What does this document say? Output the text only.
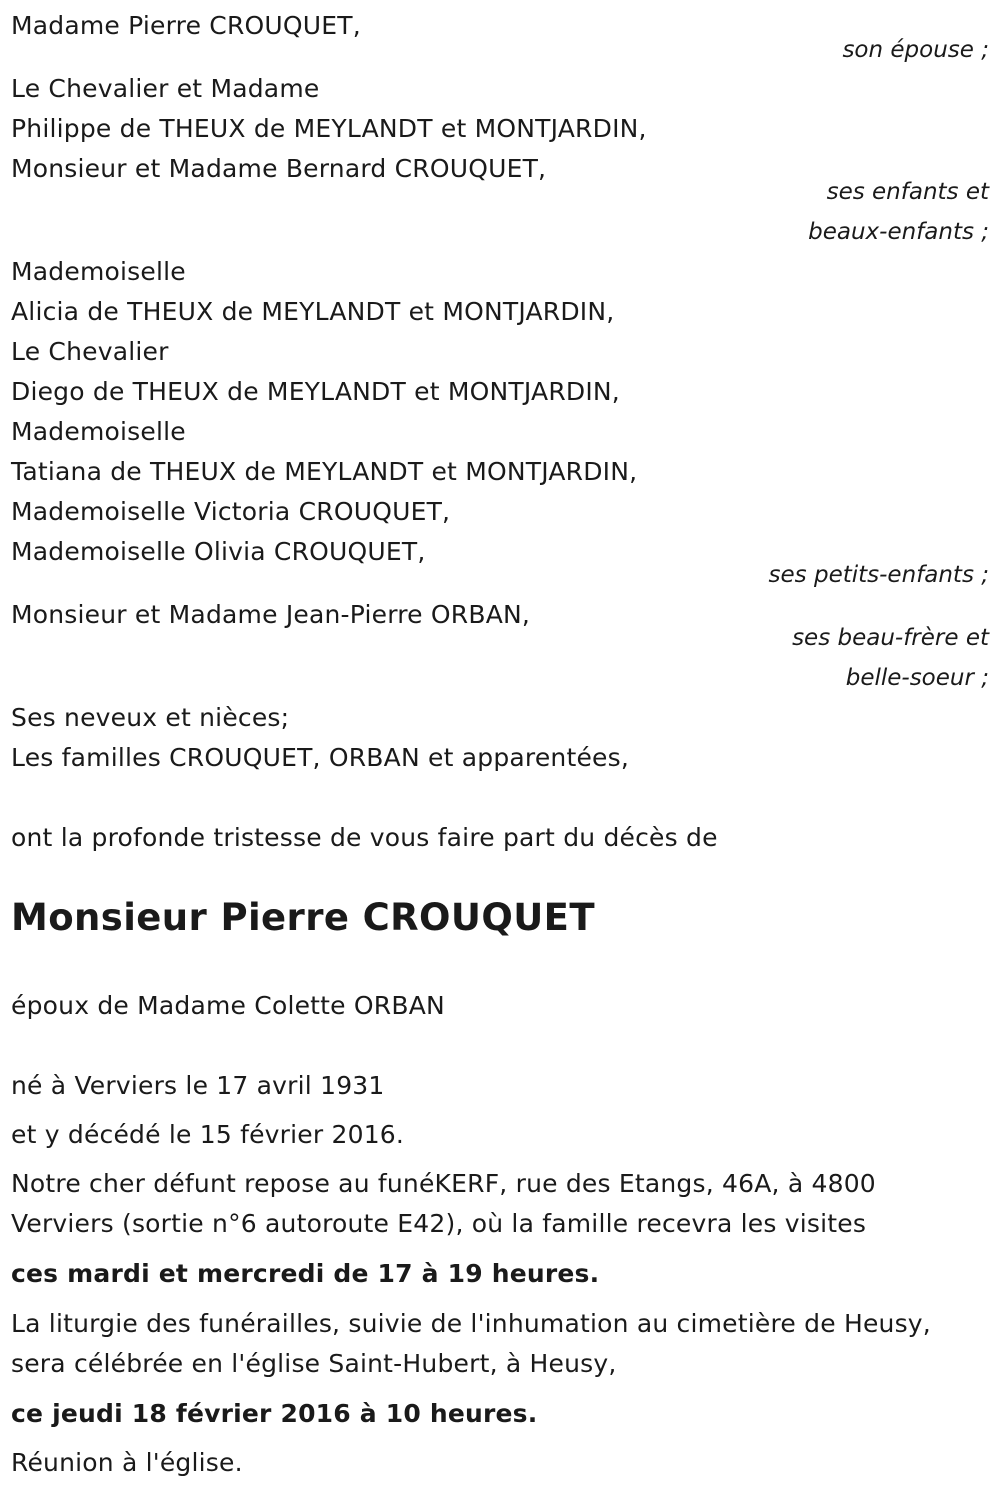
Madame Pierre CROUQUET,
son épouse ;
Le Chevalier et Madame
Philippe de THEUX de MEYLANDT et MONTJARDIN,
Monsieur et Madame Bernard CROUQUET,
ses enfants et
beaux-enfants ;
Mademoiselle
Alicia de THEUX de MEYLANDT et MONTJARDIN,
Le Chevalier
Diego de THEUX de MEYLANDT et MONTJARDIN,
Mademoiselle
Tatiana de THEUX de MEYLANDT et MONTJARDIN,
Mademoiselle Victoria CROUQUET,
Mademoiselle Olivia CROUQUET,
ses petits-enfants ;
Monsieur et Madame Jean-Pierre ORBAN,
ses beau-frère et
belle-soeur ;
Ses neveux et nièces;
Les familles CROUQUET, ORBAN et apparentées,
ont la profonde tristesse de vous faire part du décès de
Monsieur Pierre CROUQUET
époux de Madame Colette ORBAN
né à Verviers le 17 avril 1931
et y décédé le 15 février 2016.
Notre cher défunt repose au funéKERF, rue des Etangs, 46A, à 4800
Verviers (sortie n°6 autoroute E42), où la famille recevra les visites
ces mardi et mercredi de 17 à 19 heures.
La liturgie des funérailles, suivie de l'inhumation au cimetière de Heusy,
sera célébrée en l'église Saint-Hubert, à Heusy,
ce jeudi 18 février 2016 à 10 heures.
Réunion à l'église.
